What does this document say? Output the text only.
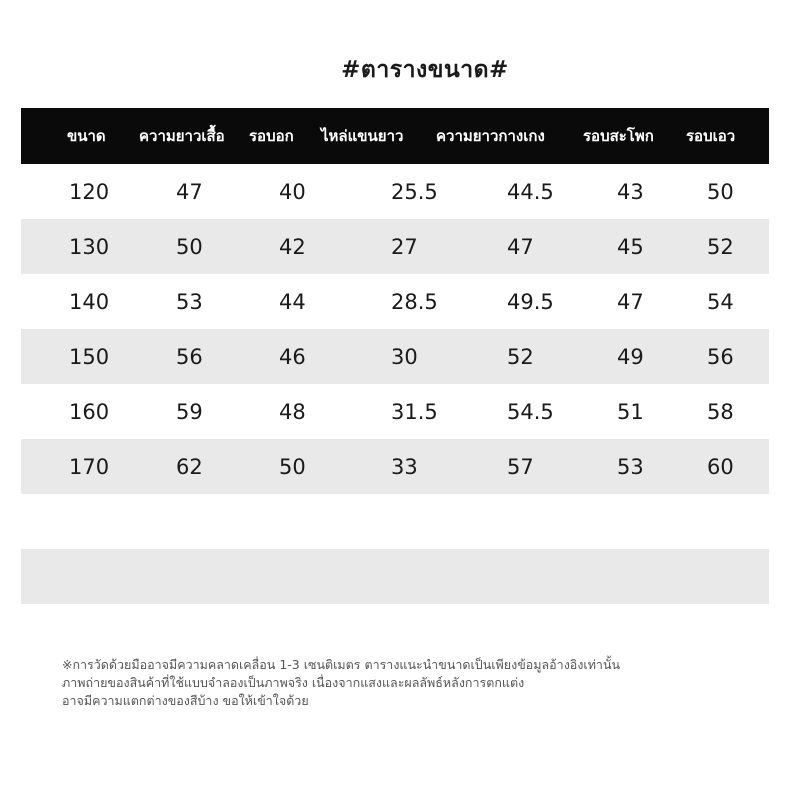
#ตารางขนาด#
ขนาด ความยาวเสื้อ รอบอก ไหล่แขนยาว ความยาวกางเกง	รอบสะโพก รอบเอว
120	47	40	25.5	44.5	43	50
130	50	42	27	47	45	52
140	53	44	28.5	49.5	47	54
150	56	46	30	52	49	56
160	59	48	31.5	54.5	51	58
170	62	50	33	57	53	60
※การวัดด้วยมืออาจมีความคลาดเคลื่อน 1-3 เซนติเมตร ตารางแนะนำขนาดเป็นเพียงข้อมูลอ้างอิงเท่านั้น
ภาพถ่ายของสินค้าที่ใช้แบบจำลองเป็นภาพจริง เนื่องจากแสงและผลลัพธ์หลังการตกแต่ง
อาจมีความแตกต่างของสีบ้าง ขอให้เข้าใจด้วย
